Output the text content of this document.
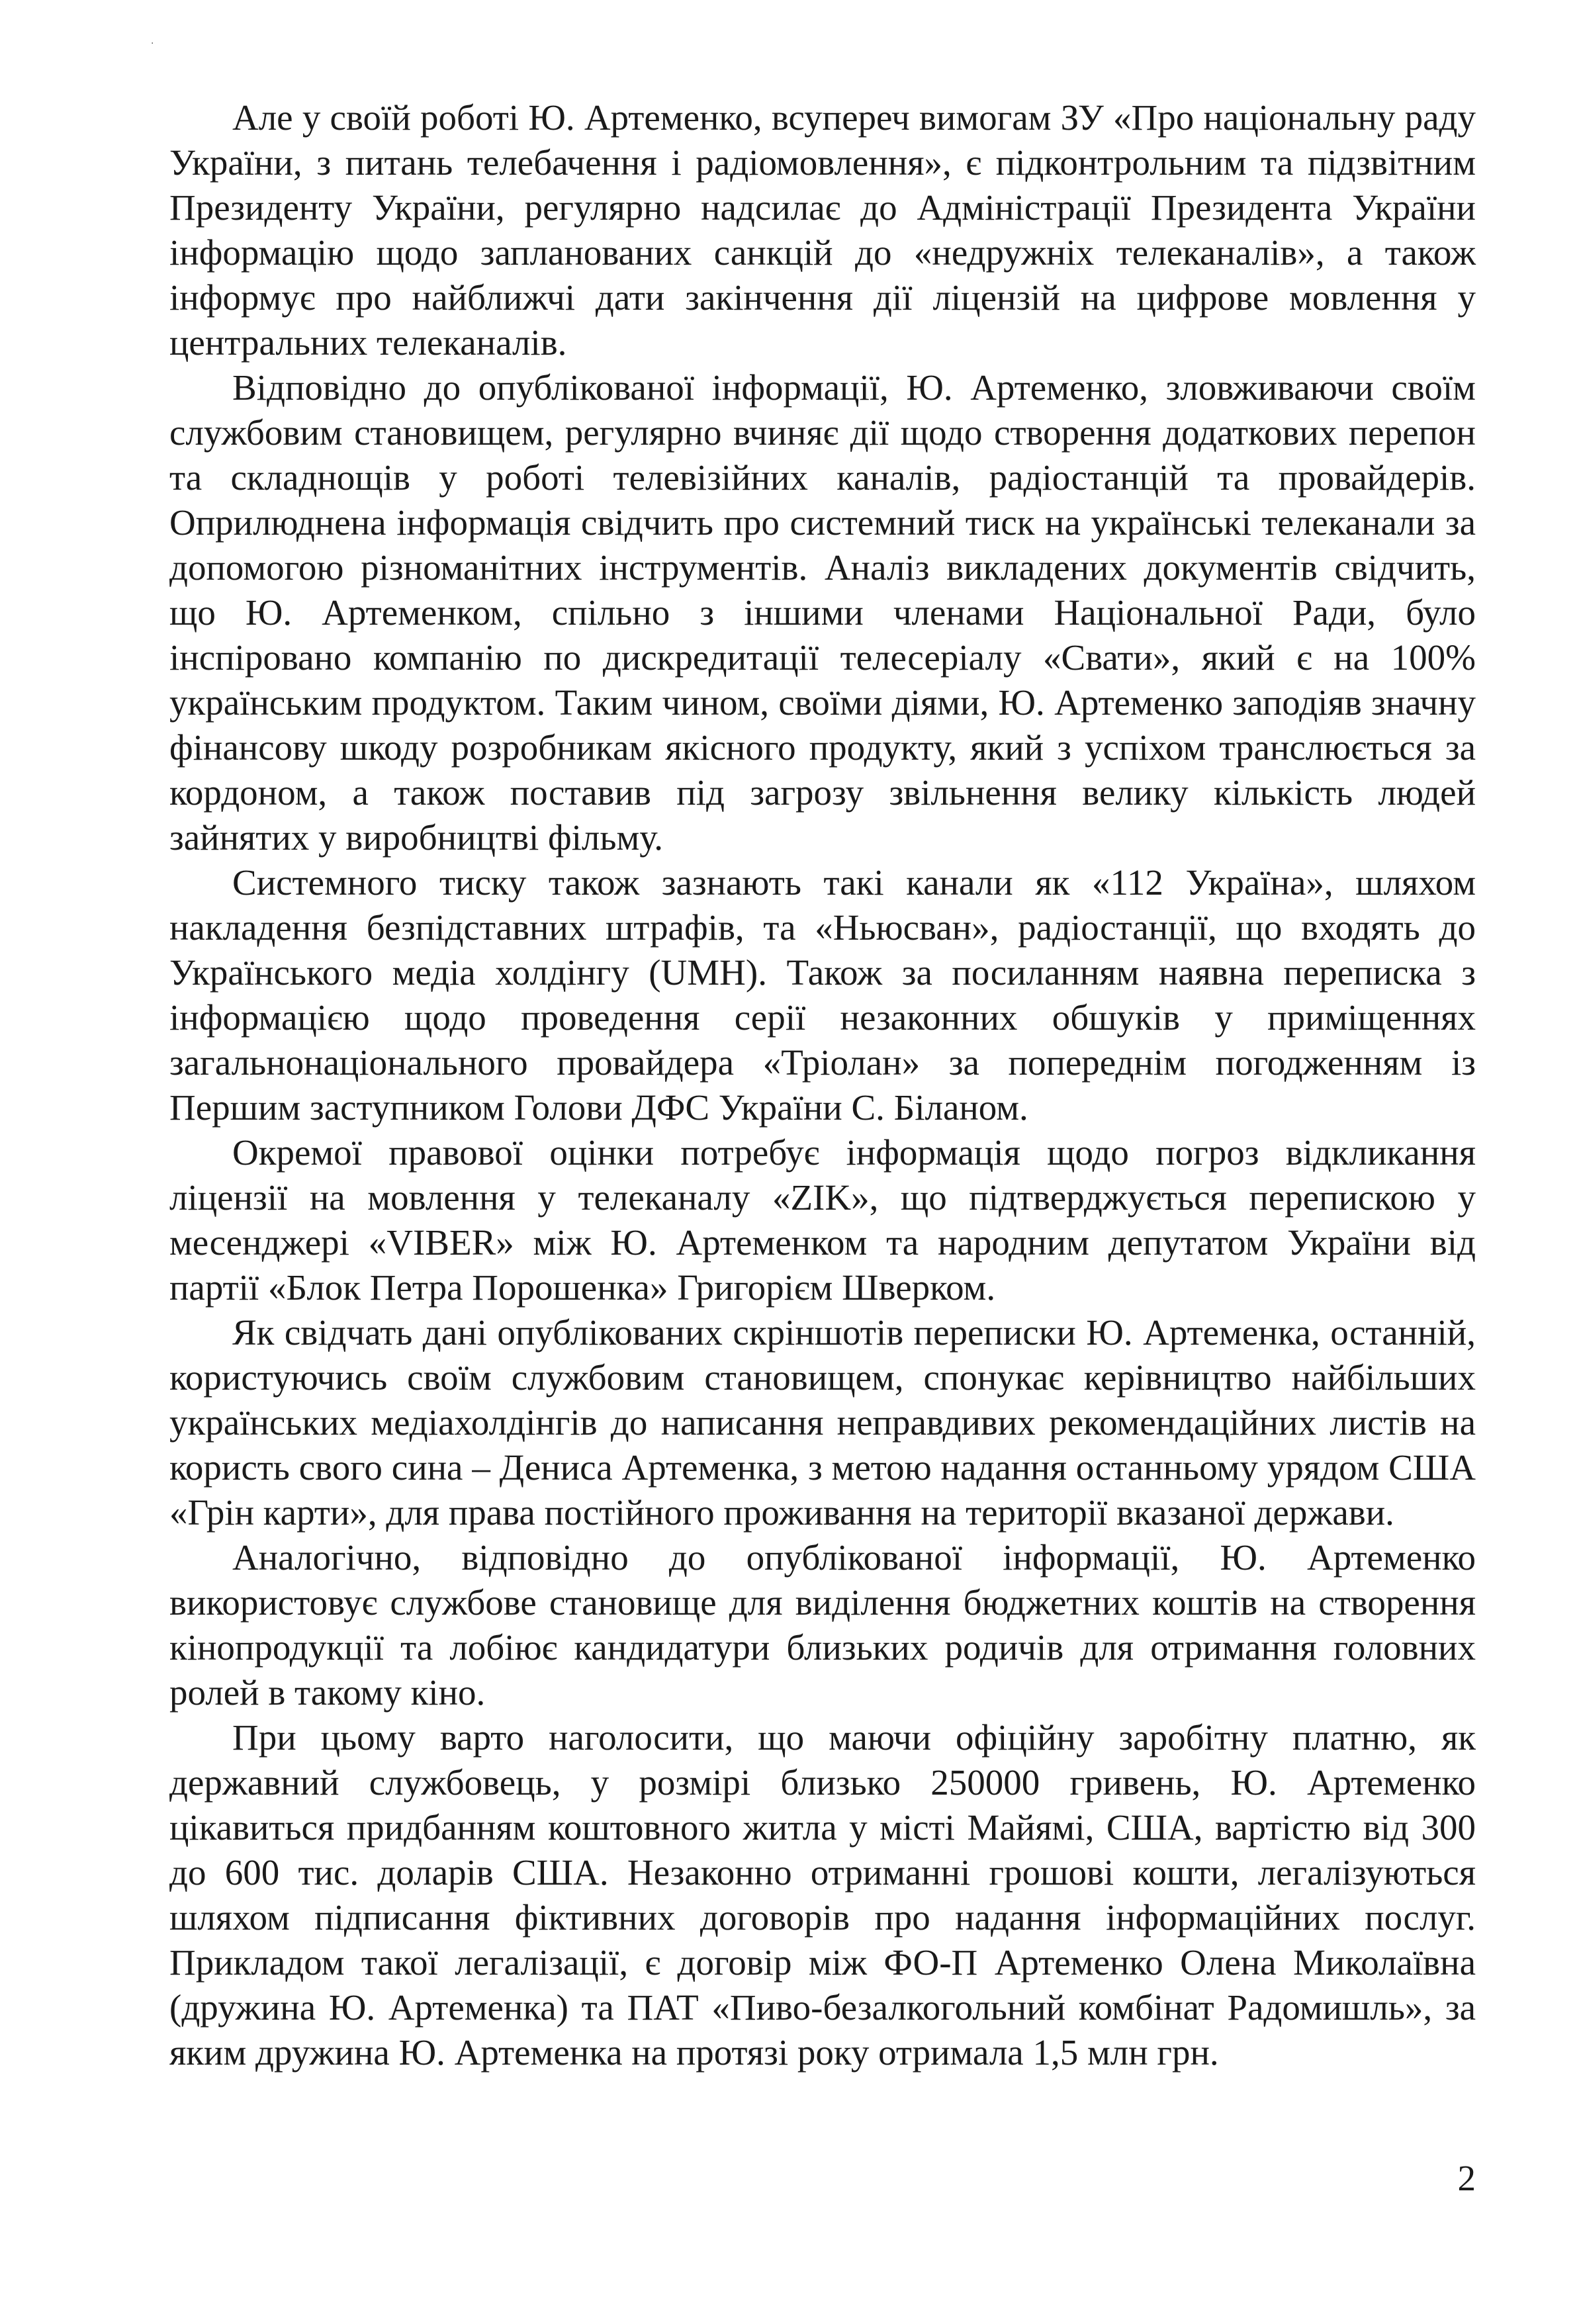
·

Але у своїй роботі Ю. Артеменко, всупереч вимогам ЗУ «Про національну раду України, з питань телебачення і радіомовлення», є підконтрольним та підзвітним Президенту України, регулярно надсилає до Адміністрації Президента України інформацію щодо запланованих санкцій до «недружніх телеканалів», а також інформує про найближчі дати закінчення дії ліцензій на цифрове мовлення у центральних телеканалів.

Відповідно до опублікованої інформації, Ю. Артеменко, зловживаючи своїм службовим становищем, регулярно вчиняє дії щодо створення додаткових перепон та складнощів у роботі телевізійних каналів, радіостанцій та провайдерів. Оприлюднена інформація свідчить про системний тиск на українські телеканали за допомогою різноманітних інструментів. Аналіз викладених документів свідчить, що Ю. Артеменком, спільно з іншими членами Національної Ради, було інспіровано компанію по дискредитації телесеріалу «Свати», який є на 100% українським продуктом. Таким чином, своїми діями, Ю. Артеменко заподіяв значну фінансову шкоду розробникам якісного продукту, який з успіхом транслюється за кордоном, а також поставив під загрозу звільнення велику кількість людей зайнятих у виробництві фільму.

Системного тиску також зазнають такі канали як «112 Україна», шляхом накладення безпідставних штрафів, та «Ньюсван», радіостанції, що входять до Українського медіа холдінгу (UMH). Також за посиланням наявна переписка з інформацією щодо проведення серії незаконних обшуків у приміщеннях загальнонаціонального провайдера «Тріолан» за попереднім погодженням із Першим заступником Голови ДФС України С. Біланом.

Окремої правової оцінки потребує інформація щодо погроз відкликання ліцензії на мовлення у телеканалу «ZIK», що підтверджується перепискою у месенджері «VIBER» між Ю. Артеменком та народним депутатом України від партії «Блок Петра Порошенка» Григорієм Шверком.

Як свідчать дані опублікованих скріншотів переписки Ю. Артеменка, останній, користуючись своїм службовим становищем, спонукає керівництво найбільших українських медіахолдінгів до написання неправдивих рекомендаційних листів на користь свого сина – Дениса Артеменка, з метою надання останньому урядом США «Грін карти», для права постійного проживання на території вказаної держави.

Аналогічно, відповідно до опублікованої інформації, Ю. Артеменко використовує службове становище для виділення бюджетних коштів на створення кінопродукції та лобіює кандидатури близьких родичів для отримання головних ролей в такому кіно.

При цьому варто наголосити, що маючи офіційну заробітну платню, як державний службовець, у розмірі близько 250000 гривень, Ю. Артеменко цікавиться придбанням коштовного житла у місті Майямі, США, вартістю від 300 до 600 тис. доларів США. Незаконно отриманні грошові кошти, легалізуються шляхом підписання фіктивних договорів про надання інформаційних послуг. Прикладом такої легалізації, є договір між ФО-П Артеменко Олена Миколаївна (дружина Ю. Артеменка) та ПАТ «Пиво-безалкогольний комбінат Радомишль», за яким дружина Ю. Артеменка на протязі року отримала 1,5 млн грн.

2
